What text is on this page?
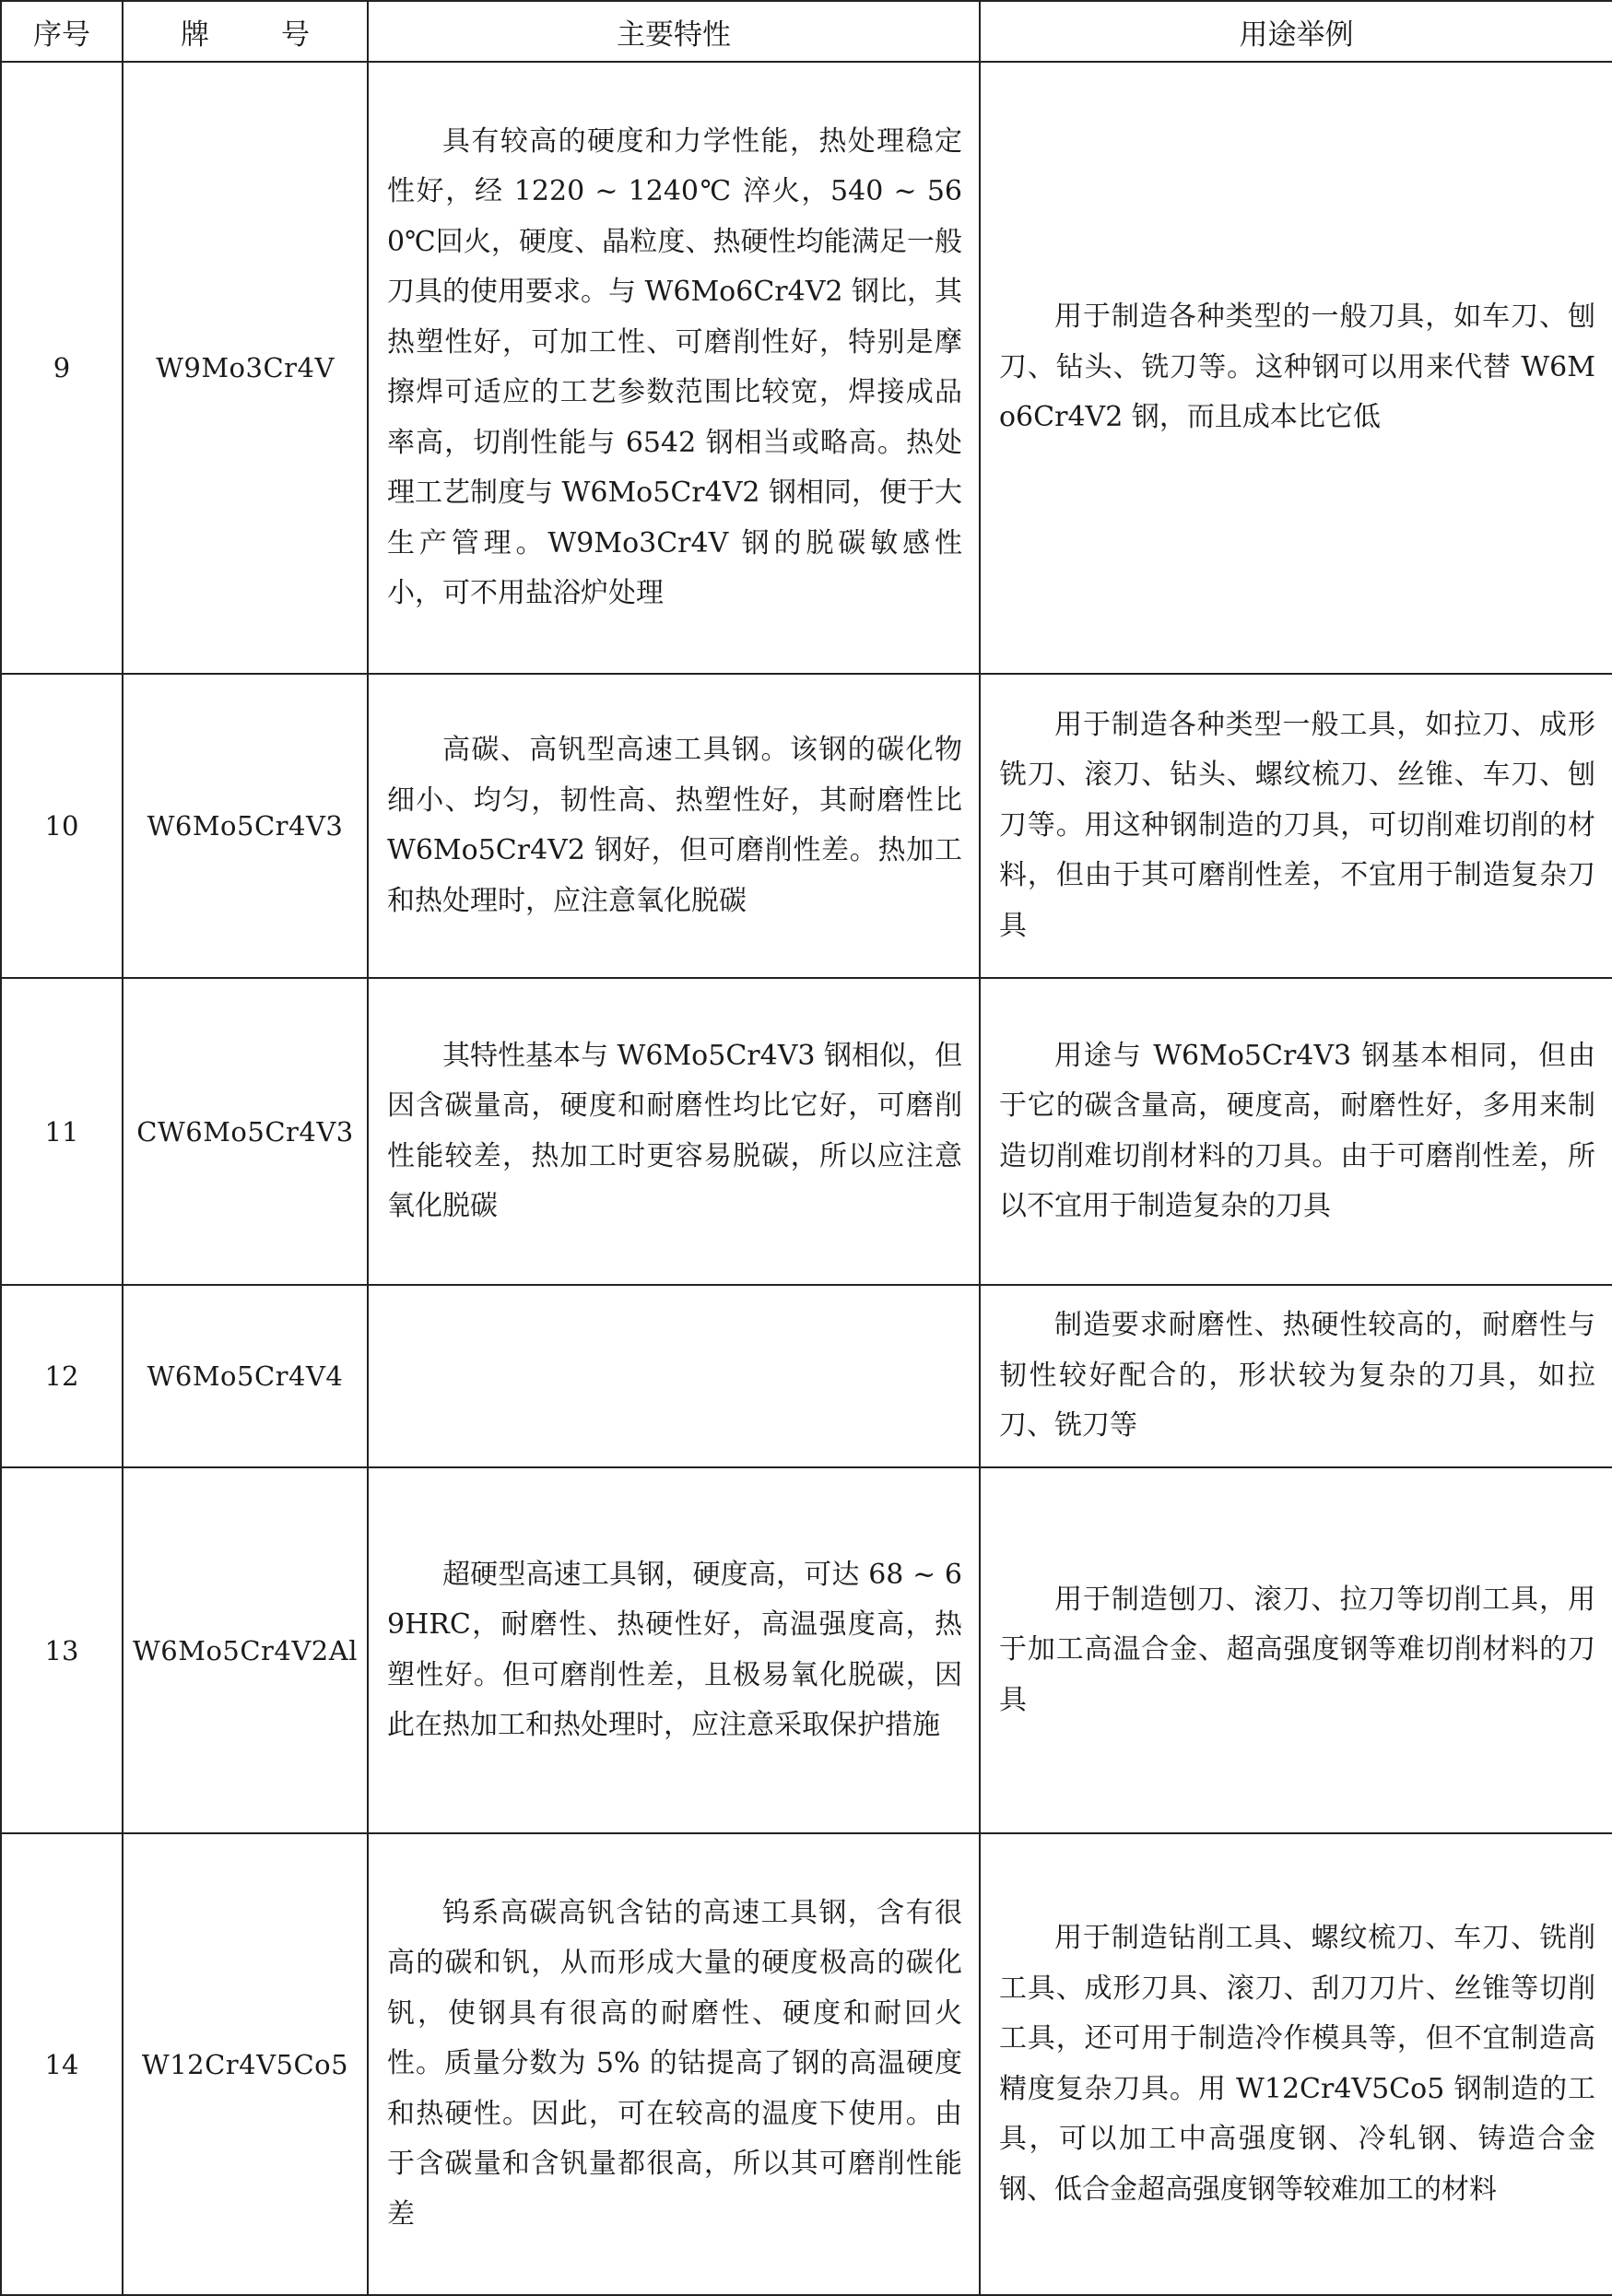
序号	牌 号	主要特性	用途举例
9	W9Mo3Cr4V	具有较高的硬度和力学性能，热处理稳定性好，经 1220 ~ 1240℃ 淬火，540 ~ 560℃回火，硬度、晶粒度、热硬性均能满足一般刀具的使用要求。与 W6Mo6Cr4V2 钢比，其热塑性好，可加工性、可磨削性好，特别是摩擦焊可适应的工艺参数范围比较宽，焊接成品率高，切削性能与 6542 钢相当或略高。热处理工艺制度与 W6Mo5Cr4V2 钢相同，便于大生产管理。W9Mo3Cr4V 钢的脱碳敏感性小，可不用盐浴炉处理	用于制造各种类型的一般刀具，如车刀、刨刀、钻头、铣刀等。这种钢可以用来代替 W6Mo6Cr4V2 钢，而且成本比它低
10	W6Mo5Cr4V3	高碳、高钒型高速工具钢。该钢的碳化物细小、均匀，韧性高、热塑性好，其耐磨性比 W6Mo5Cr4V2 钢好，但可磨削性差。热加工和热处理时，应注意氧化脱碳	用于制造各种类型一般工具，如拉刀、成形铣刀、滚刀、钻头、螺纹梳刀、丝锥、车刀、刨刀等。用这种钢制造的刀具，可切削难切削的材料，但由于其可磨削性差，不宜用于制造复杂刀具
11	CW6Mo5Cr4V3	其特性基本与 W6Mo5Cr4V3 钢相似，但因含碳量高，硬度和耐磨性均比它好，可磨削性能较差，热加工时更容易脱碳，所以应注意氧化脱碳	用途与 W6Mo5Cr4V3 钢基本相同，但由于它的碳含量高，硬度高，耐磨性好，多用来制造切削难切削材料的刀具。由于可磨削性差，所以不宜用于制造复杂的刀具
12	W6Mo5Cr4V4		制造要求耐磨性、热硬性较高的，耐磨性与韧性较好配合的，形状较为复杂的刀具，如拉刀、铣刀等
13	W6Mo5Cr4V2Al	超硬型高速工具钢，硬度高，可达 68 ~ 69HRC，耐磨性、热硬性好，高温强度高，热塑性好。但可磨削性差，且极易氧化脱碳，因此在热加工和热处理时，应注意采取保护措施	用于制造刨刀、滚刀、拉刀等切削工具，用于加工高温合金、超高强度钢等难切削材料的刀具
14	W12Cr4V5Co5	钨系高碳高钒含钴的高速工具钢，含有很高的碳和钒，从而形成大量的硬度极高的碳化钒，使钢具有很高的耐磨性、硬度和耐回火性。质量分数为 5% 的钴提高了钢的高温硬度和热硬性。因此，可在较高的温度下使用。由于含碳量和含钒量都很高，所以其可磨削性能差	用于制造钻削工具、螺纹梳刀、车刀、铣削工具、成形刀具、滚刀、刮刀刀片、丝锥等切削工具，还可用于制造冷作模具等，但不宜制造高精度复杂刀具。用 W12Cr4V5Co5 钢制造的工具，可以加工中高强度钢、冷轧钢、铸造合金钢、低合金超高强度钢等较难加工的材料
